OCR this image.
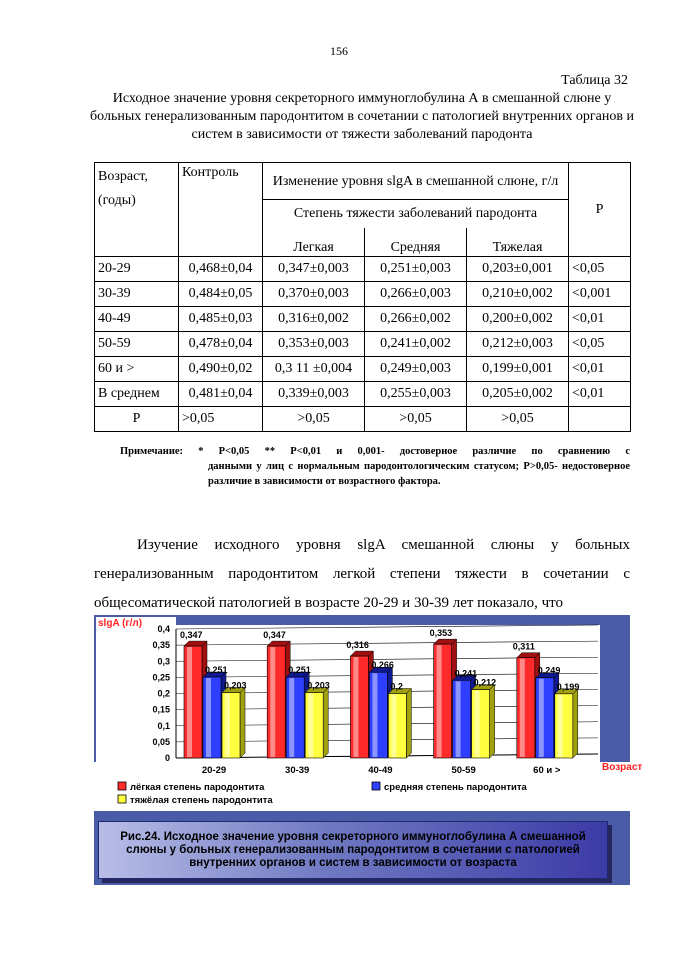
156
Таблица 32
Исходное значение уровня секреторного иммуноглобулина А в смешанной слюне у больных генерализованным пародонтитом в сочетании с патологией внутренних органов и систем в зависимости от тяжести заболеваний пародонта
Возраст,
(годы)	Контроль	Изменение уровня slgA в смешанной слюне, г/л			Р
		Степень тяжести заболеваний пародонта			
		Легкая	Средняя	Тяжелая	
20-29	0,468±0,04	0,347±0,003	0,251±0,003	0,203±0,001	<0,05
30-39	0,484±0,05	0,370±0,003	0,266±0,003	0,210±0,002	<0,001
40-49	0,485±0,03	0,316±0,002	0,266±0,002	0,200±0,002	<0,01
50-59	0,478±0,04	0,353±0,003	0,241±0,002	0,212±0,003	<0,05
60 и >	0,490±0,02	0,3 11 ±0,004	0,249±0,003	0,199±0,001	<0,01
В среднем	0,481±0,04	0,339±0,003	0,255±0,003	0,205±0,002	<0,01
Р	>0,05	>0,05	>0,05	>0,05	
Примечание: * Р<0,05 ** Р<0,01 и 0,001- достоверное различие по сравнению с
данными у лиц с нормальным пародонтологическим статусом; Р>0,05- недостоверное различие в зависимости от возрастного фактора.
Изучение исходного уровня slgA смешанной слюны у больных генерализованным пародонтитом легкой степени тяжести в сочетании с общесоматической патологией в возрасте 20-29 и 30-39 лет показало, что
0
0,05
0,1
0,15
0,2
0,25
0,3
0,35
0,4
slgA (г/л)
0,347
0,251
0,203
20-29
0,347
0,251
0,203
30-39
0,316
0,266
0,2
40-49
0,353
0,241
0,212
50-59
0,311
0,249
0,199
60 и >	Возраст
лёгкая степень пародонтита	средняя степень пародонтита
тяжёлая степень пародонтита
Рис.24. Исходное значение уровня секреторного иммуноглобулина А смешанной слюны у больных генерализованным пародонтитом в сочетании с патологией внутренних органов и систем в зависимости от возраста
